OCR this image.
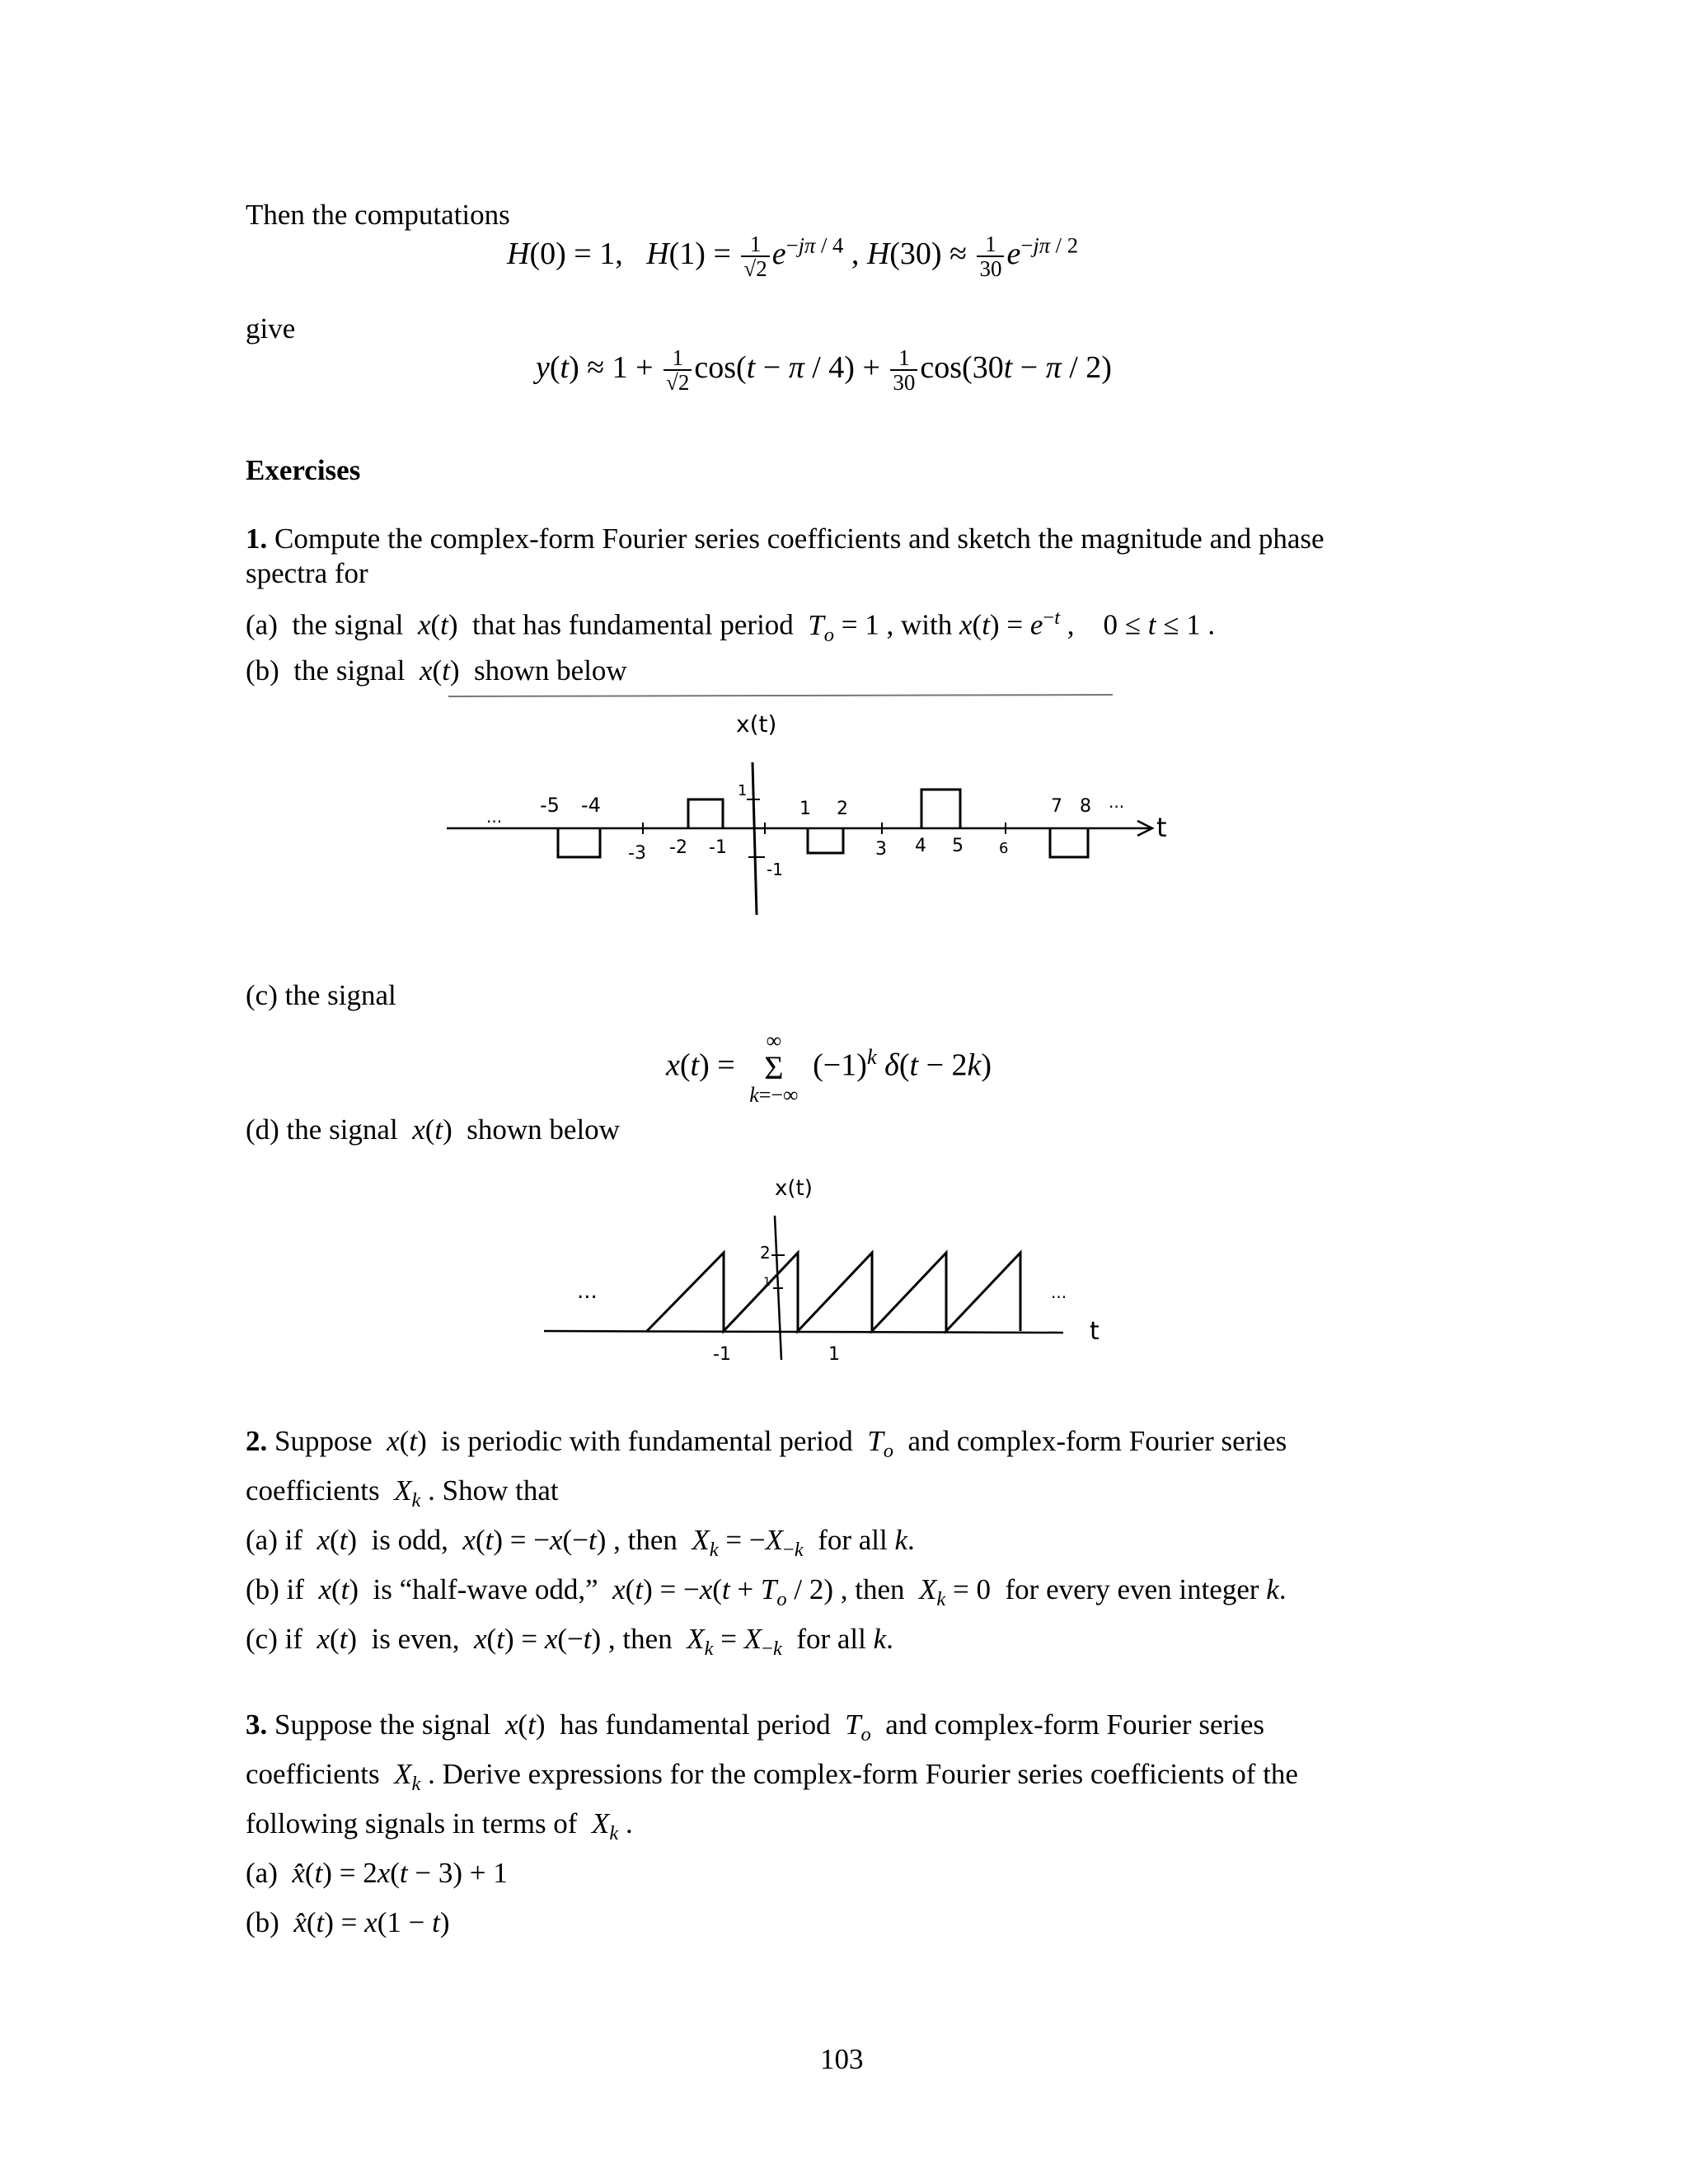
Then the computations
H(0) = 1,   $H(1) = \frac{1}{√2} e^{-j\pi / 4}$ , $H(30) \approx \frac{1}{30} e^{-j\pi / 2}$
give
$y(t) \approx 1 + \frac{1}{√2} \cos(t - \pi / 4) + \frac{1}{30} \cos(30t - \pi / 2)$
Exercises
1. Compute the complex-form Fourier series coefficients and sketch the magnitude and phase
spectra for
(a)  the signal  x(t)  that has fundamental period  $T_o = 1$ , with $x(t) = e^{-t}$ ,    0 ≤ t ≤ 1 .
(b)  the signal  x(t)  shown below
x(t)
t
1
-1
...
...
-5 -4	1 2	7 8
-3 -2 -1	3 4 5 6
(c) the signal
x(t) =
∞
Σ
k=−∞
$(-1)^k$ δ(t − 2k)
(d) the signal  x(t)  shown below
x(t)
t
2
1
-1	1
...	...
2. Suppose  x(t)  is periodic with fundamental period  $T_o$  and complex-form Fourier series
coefficients  $X_k$ . Show that
(a) if  x(t)  is odd,  x(t) = −x(−t) , then  $X_k = -X_{-k}$  for all k.
(b) if  x(t)  is “half-wave odd,”  $x(t) = -x(t + T_o / 2)$ , then  $X_k = 0$  for every even integer k.
(c) if  x(t)  is even,  x(t) = x(−t) , then  $X_k = X_{-k}$  for all k.
3. Suppose the signal  x(t)  has fundamental period  $T_o$  and complex-form Fourier series
coefficients  $X_k$ . Derive expressions for the complex-form Fourier series coefficients of the
following signals in terms of  $X_k$ .
(a)  x̂(t) = 2x(t − 3) + 1
(b)  x̂(t) = x(1 − t)
103
